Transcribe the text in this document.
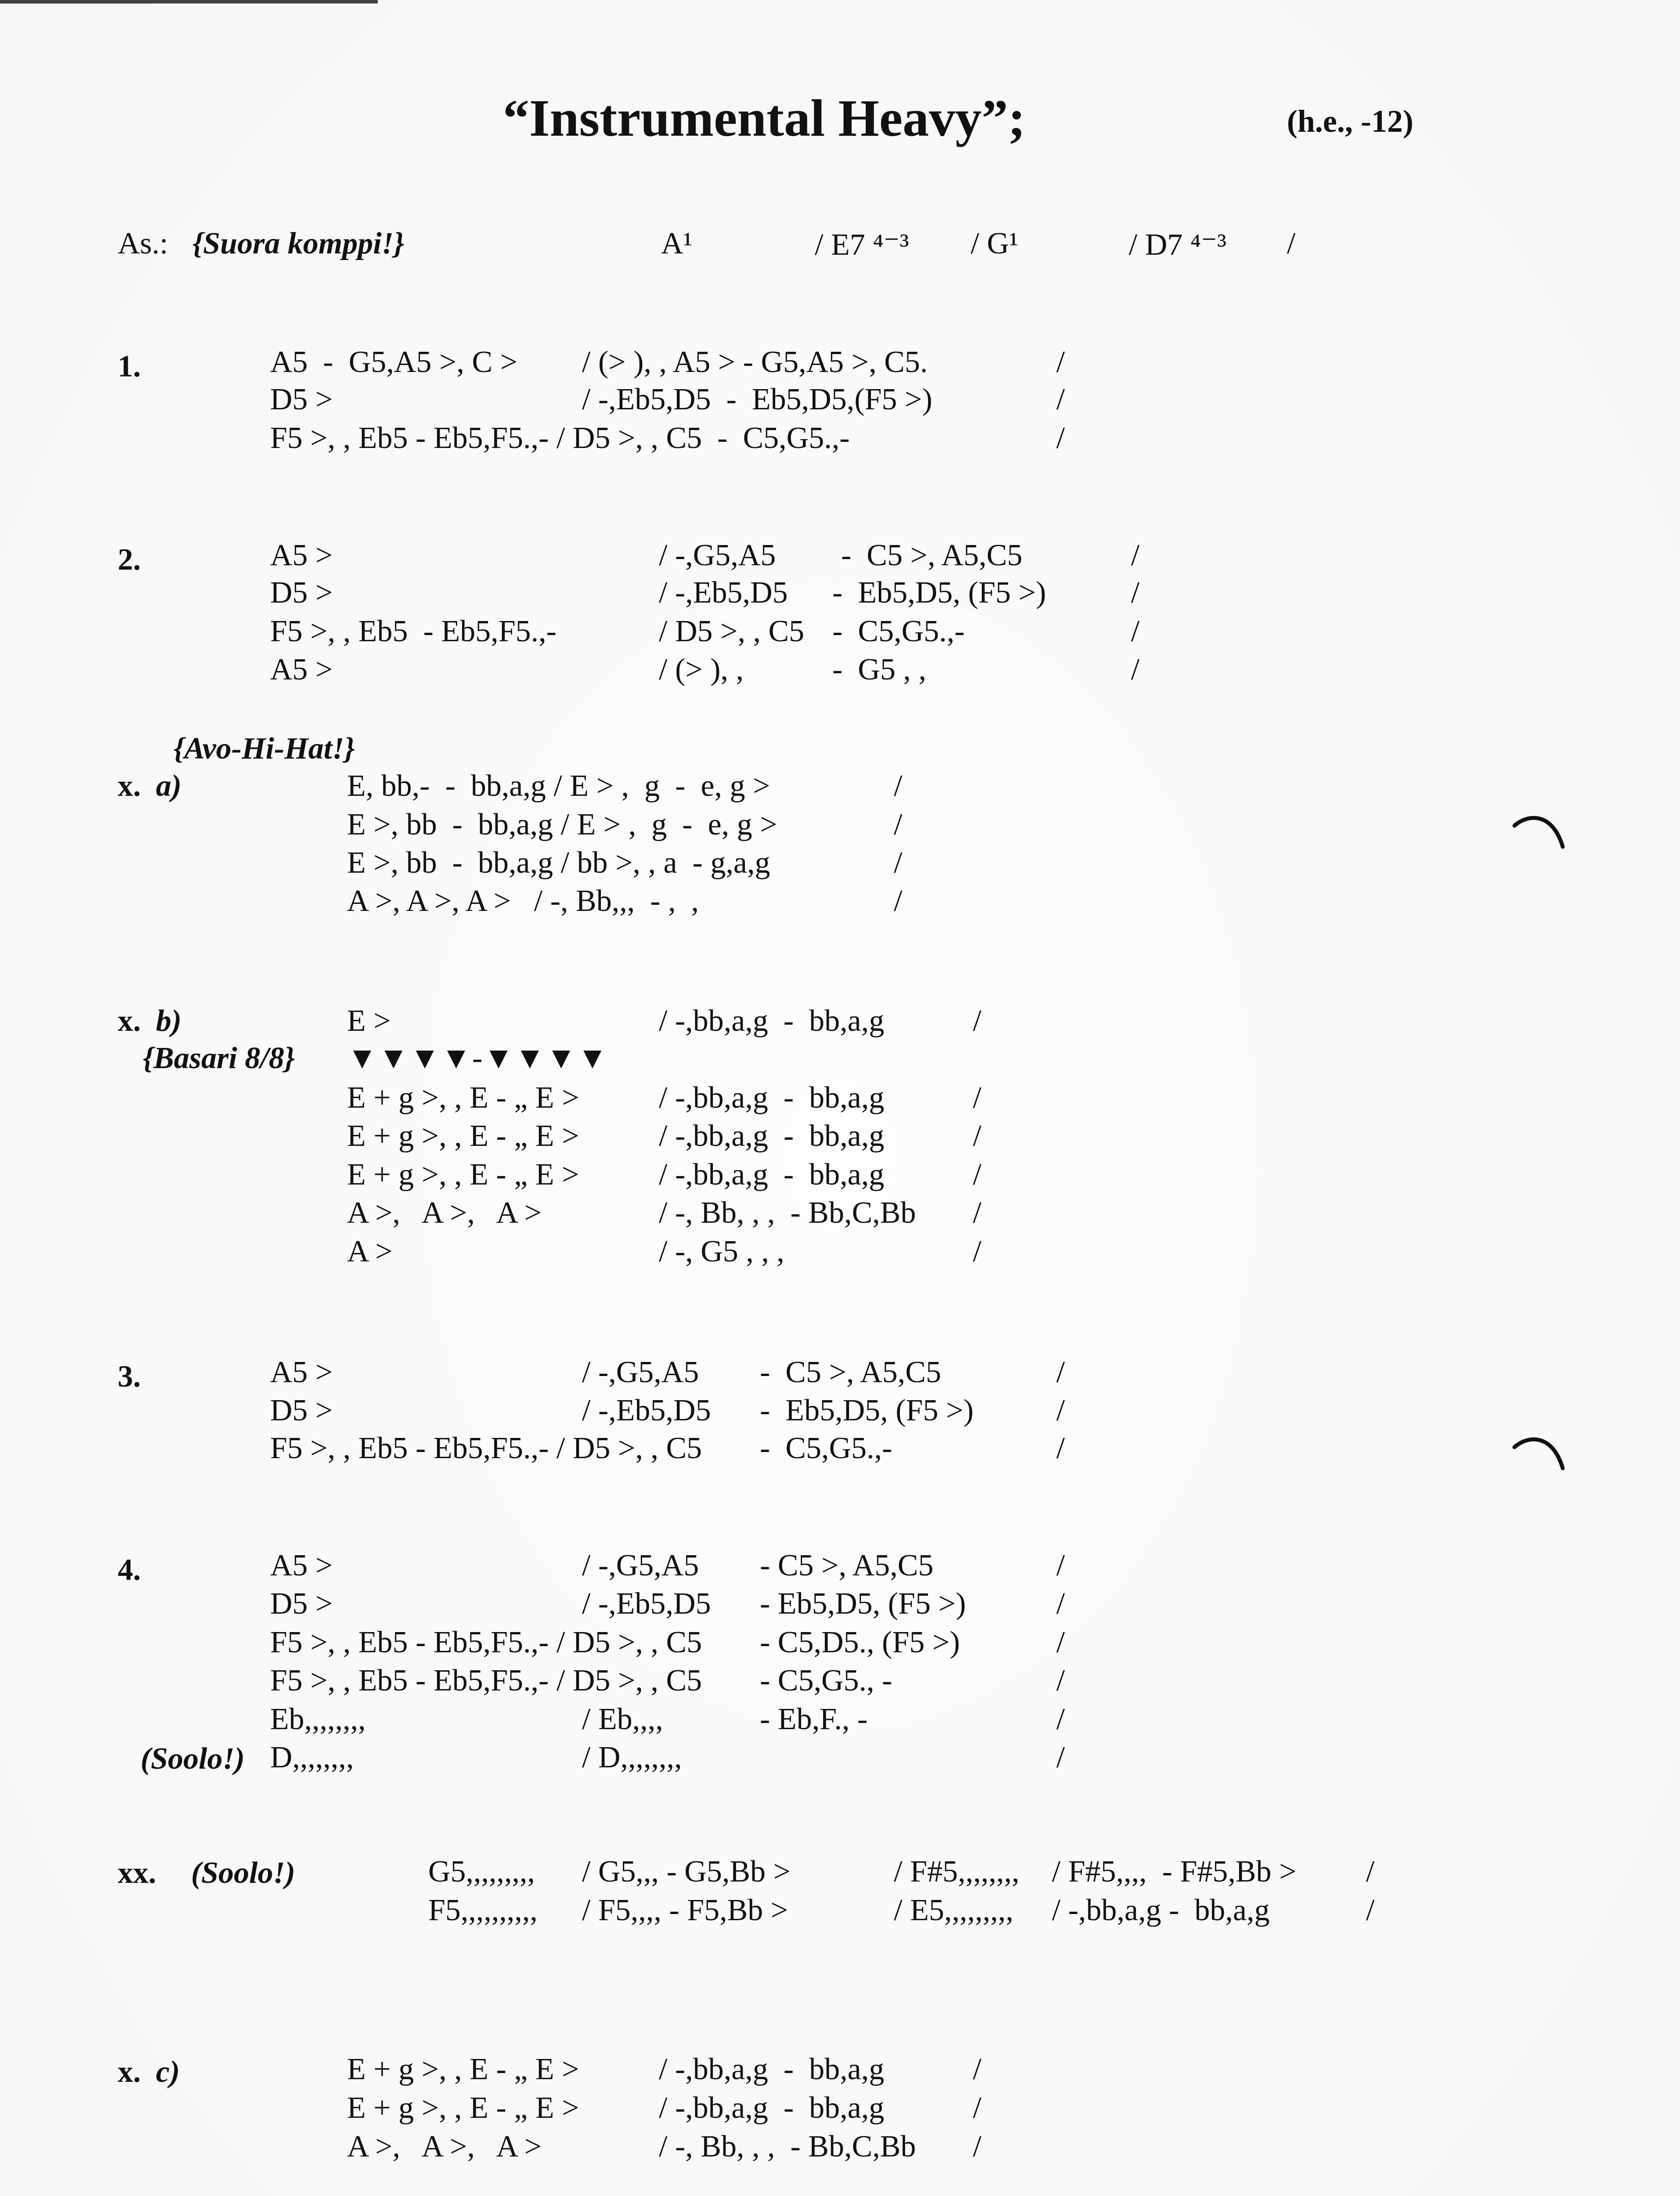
“Instrumental Heavy”;	(h.e., -12)
As.: {Suora komppi!}	A¹	/ E7 ⁴⁻³ / G¹	/ D7 ⁴⁻³ /
1.	A5  -  G5,A5 >, C > / (> ), , A5 > - G5,A5 >, C5.	/
D5 >	/ -,Eb5,D5  -  Eb5,D5,(F5 >)	/
F5 >, , Eb5 - Eb5,F5.,- / D5 >, , C5  -  C5,G5.,-	/
2.	A5 >	/ -,G5,A5 -  C5 >, A5,C5	/
D5 >	/ -,Eb5,D5 -  Eb5,D5, (F5 >)	/
F5 >, , Eb5  - Eb5,F5.,-	/ D5 >, , C5 -  C5,G5.,-	/
A5 >	/ (> ), ,	-  G5 , ,	/
{Avo-Hi-Hat!}
x. a)	E, bb,-  -  bb,a,g / E > ,  g  -  e, g >	/
E >, bb  -  bb,a,g / E > ,  g  -  e, g >	/
E >, bb  -  bb,a,g / bb >, , a  - g,a,g	/
A >, A >, A >   / -, Bb,,,  - ,  ,	/
x. b)
{Basari 8/8} ▼▼▼▼-▼▼▼▼
E >	/ -,bb,a,g  -  bb,a,g	/
E + g >, , E - „ E >	/ -,bb,a,g  -  bb,a,g	/
E + g >, , E - „ E >	/ -,bb,a,g  -  bb,a,g	/
E + g >, , E - „ E >	/ -,bb,a,g  -  bb,a,g	/
A >,   A >,   A >	/ -, Bb, , ,  - Bb,C,Bb /
A >	/ -, G5 , , ,	/
3.	A5 >	/ -,G5,A5 -  C5 >, A5,C5	/
D5 >	/ -,Eb5,D5 -  Eb5,D5, (F5 >)	/
F5 >, , Eb5 - Eb5,F5.,- / D5 >, , C5 -  C5,G5.,-	/
4.
(Soolo!)
A5 >	/ -,G5,A5 - C5 >, A5,C5	/
D5 >	/ -,Eb5,D5 - Eb5,D5, (F5 >)	/
F5 >, , Eb5 - Eb5,F5.,- / D5 >, , C5 - C5,D5., (F5 >)	/
F5 >, , Eb5 - Eb5,F5.,- / D5 >, , C5 - C5,G5., -	/
Eb,,,,,,,,	/ Eb,,,,	- Eb,F., -	/
D,,,,,,,,	/ D,,,,,,,,	/
xx. (Soolo!)	G5,,,,,,,,, / G5,,, - G5,Bb >	/ F#5,,,,,,,, / F#5,,,,  - F#5,Bb > /
F5,,,,,,,,,, / F5,,,, - F5,Bb >	/ E5,,,,,,,,, / -,bb,a,g -  bb,a,g	/
x. c)	E + g >, , E - „ E >	/ -,bb,a,g  -  bb,a,g	/
E + g >, , E - „ E >	/ -,bb,a,g  -  bb,a,g	/
A >,   A >,   A >	/ -, Bb, , ,  - Bb,C,Bb /
